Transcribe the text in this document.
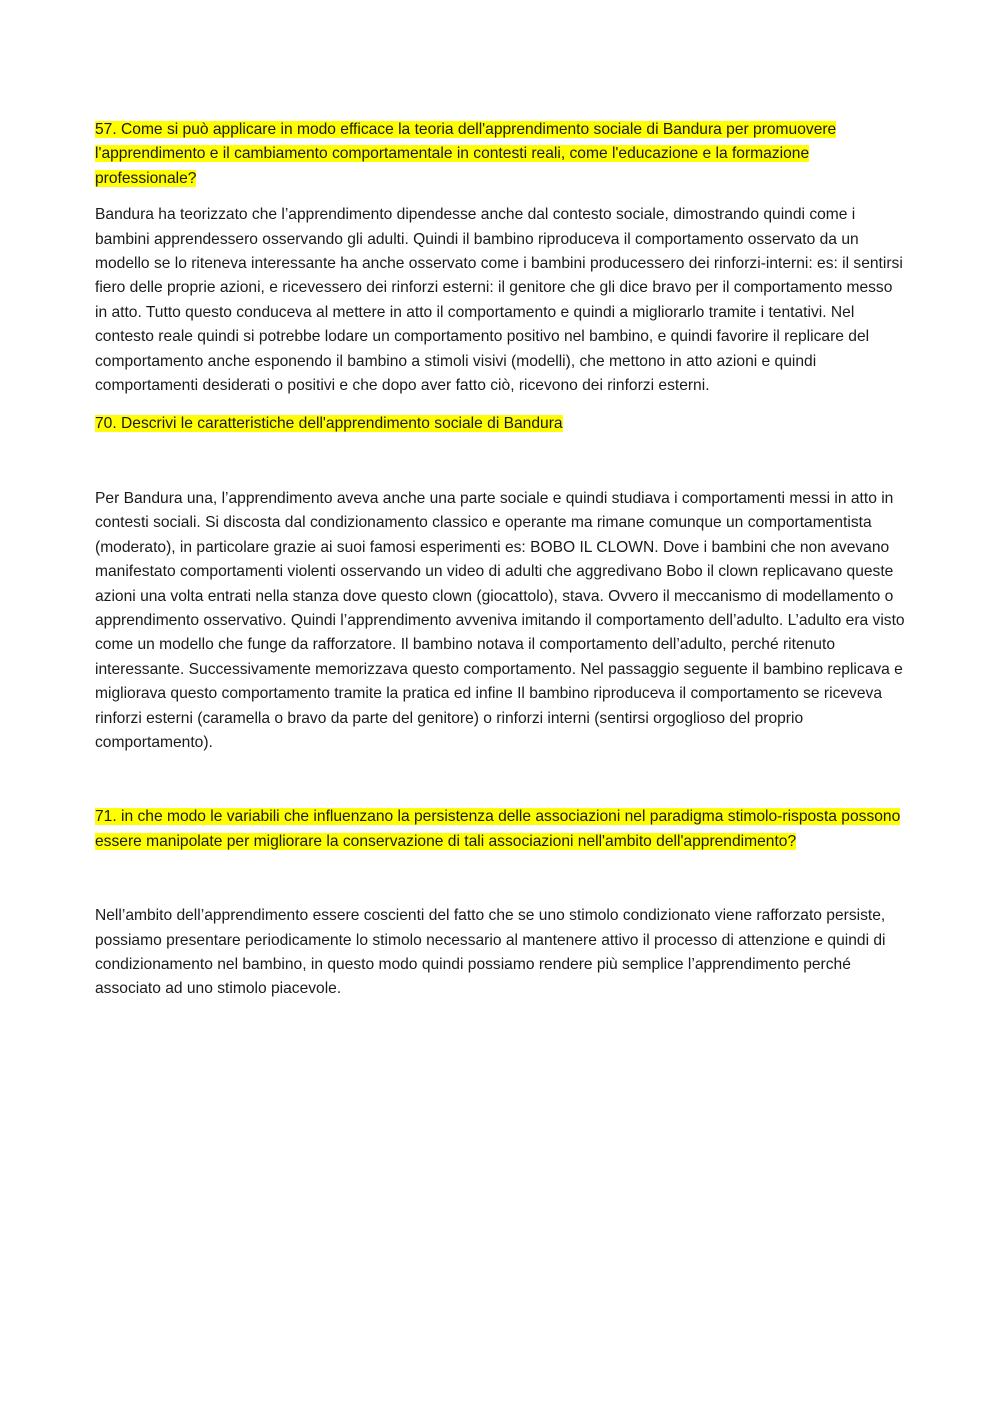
57. Come si può applicare in modo efficace la teoria dell'apprendimento sociale di Bandura per promuovere l'apprendimento e il cambiamento comportamentale in contesti reali, come l'educazione e la formazione professionale?

Bandura ha teorizzato che l’apprendimento dipendesse anche dal contesto sociale, dimostrando quindi come i bambini apprendessero osservando gli adulti. Quindi il bambino riproduceva il comportamento osservato da un modello se lo riteneva interessante ha anche osservato come i bambini producessero dei rinforzi-interni: es: il sentirsi fiero delle proprie azioni, e ricevessero dei rinforzi esterni: il genitore che gli dice bravo per il comportamento messo in atto. Tutto questo conduceva al mettere in atto il comportamento e quindi a migliorarlo tramite i tentativi. Nel contesto reale quindi si potrebbe lodare un comportamento positivo nel bambino, e quindi favorire il replicare del comportamento anche esponendo il bambino a stimoli visivi (modelli), che mettono in atto azioni e quindi comportamenti desiderati o positivi e che dopo aver fatto ciò, ricevono dei rinforzi esterni.

70. Descrivi le caratteristiche dell'apprendimento sociale di Bandura

Per Bandura una, l’apprendimento aveva anche una parte sociale e quindi studiava i comportamenti messi in atto in contesti sociali. Si discosta dal condizionamento classico e operante ma rimane comunque un comportamentista (moderato), in particolare grazie ai suoi famosi esperimenti es: BOBO IL CLOWN. Dove i bambini che non avevano manifestato comportamenti violenti osservando un video di adulti che aggredivano Bobo il clown replicavano queste azioni una volta entrati nella stanza dove questo clown (giocattolo), stava. Ovvero il meccanismo di modellamento o apprendimento osservativo. Quindi l’apprendimento avveniva imitando il comportamento dell’adulto. L’adulto era visto come un modello che funge da rafforzatore. Il bambino notava il comportamento dell’adulto, perché ritenuto interessante. Successivamente memorizzava questo comportamento. Nel passaggio seguente il bambino replicava e migliorava questo comportamento tramite la pratica ed infine Il bambino riproduceva il comportamento se riceveva rinforzi esterni (caramella o bravo da parte del genitore) o rinforzi interni (sentirsi orgoglioso del proprio comportamento).

71. in che modo le variabili che influenzano la persistenza delle associazioni nel paradigma stimolo-risposta possono essere manipolate per migliorare la conservazione di tali associazioni nell'ambito dell'apprendimento?

Nell’ambito dell’apprendimento essere coscienti del fatto che se uno stimolo condizionato viene rafforzato persiste, possiamo presentare periodicamente lo stimolo necessario al mantenere attivo il processo di attenzione e quindi di condizionamento nel bambino, in questo modo quindi possiamo rendere più semplice l’apprendimento perché associato ad uno stimolo piacevole.
